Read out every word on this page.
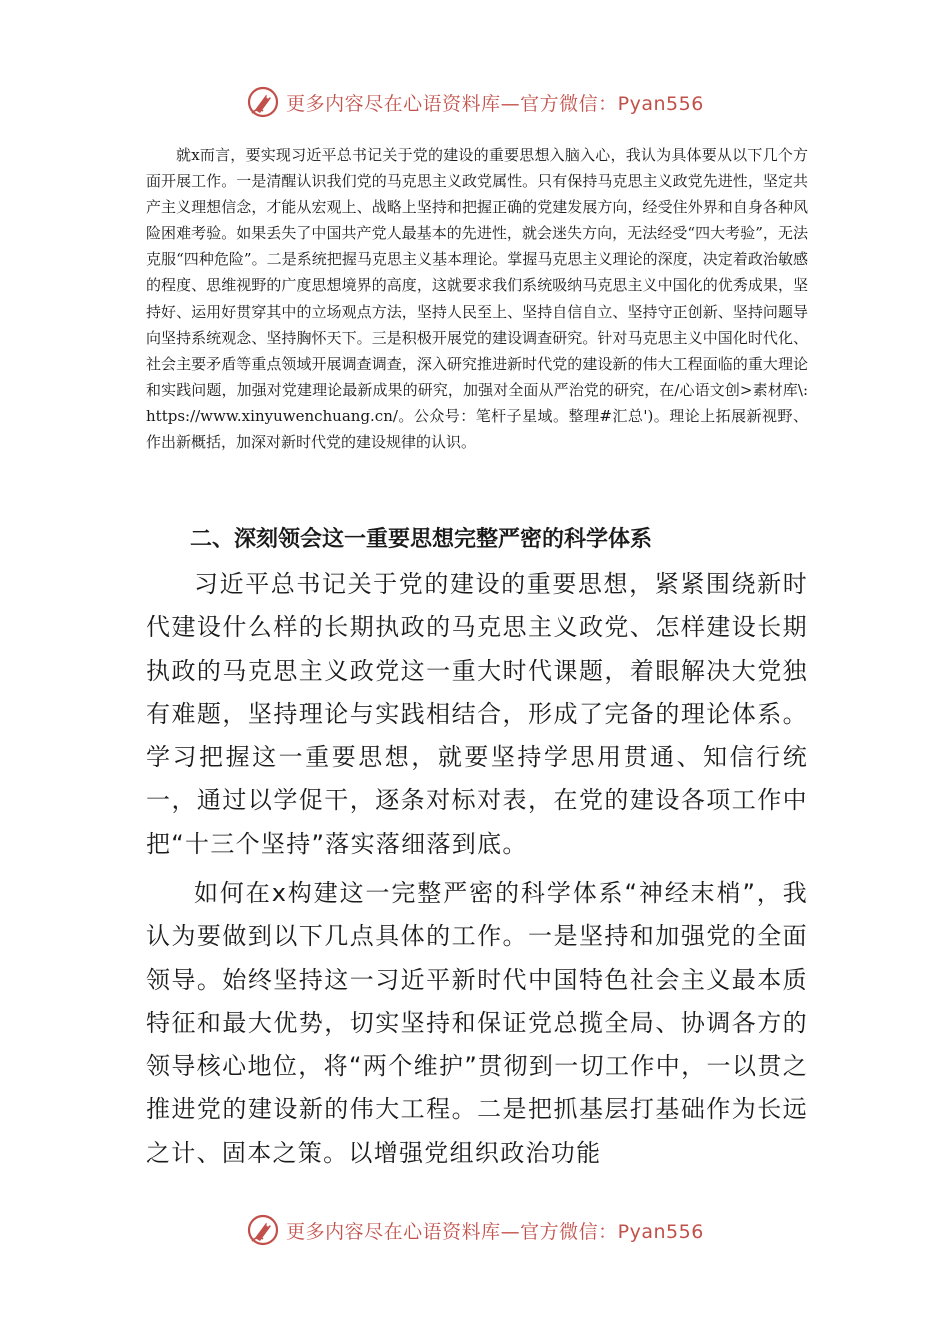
更多内容尽在心语资料库—官方微信：Pyan556

就x而言，要实现习近平总书记关于党的建设的重要思想入脑入心，我认为具体要从以下几个方面开展工作。一是清醒认识我们党的马克思主义政党属性。只有保持马克思主义政党先进性，坚定共产主义理想信念，才能从宏观上、战略上坚持和把握正确的党建发展方向，经受住外界和自身各种风险困难考验。如果丢失了中国共产党人最基本的先进性，就会迷失方向，无法经受“四大考验”，无法克服“四种危险”。二是系统把握马克思主义基本理论。掌握马克思主义理论的深度，决定着政治敏感的程度、思维视野的广度思想境界的高度，这就要求我们系统吸纳马克思主义中国化的优秀成果，坚持好、运用好贯穿其中的立场观点方法，坚持人民至上、坚持自信自立、坚持守正创新、坚持问题导向坚持系统观念、坚持胸怀天下。三是积极开展党的建设调查研究。针对马克思主义中国化时代化、社会主要矛盾等重点领域开展调查调查，深入研究推进新时代党的建设新的伟大工程面临的重大理论和实践问题，加强对党建理论最新成果的研究，加强对全面从严治党的研究，在/心语文创>素材库\: https://www.xinyuwenchuang.cn/。公众号：笔杆子星域。整理#汇总')。理论上拓展新视野、作出新概括，加深对新时代党的建设规律的认识。

二、深刻领会这一重要思想完整严密的科学体系

习近平总书记关于党的建设的重要思想，紧紧围绕新时代建设什么样的长期执政的马克思主义政党、怎样建设长期执政的马克思主义政党这一重大时代课题，着眼解决大党独有难题，坚持理论与实践相结合，形成了完备的理论体系。学习把握这一重要思想，就要坚持学思用贯通、知信行统一，通过以学促干，逐条对标对表，在党的建设各项工作中把“十三个坚持”落实落细落到底。

如何在x构建这一完整严密的科学体系“神经末梢”，我认为要做到以下几点具体的工作。一是坚持和加强党的全面领导。始终坚持这一习近平新时代中国特色社会主义最本质特征和最大优势，切实坚持和保证党总揽全局、协调各方的领导核心地位，将“两个维护”贯彻到一切工作中，一以贯之推进党的建设新的伟大工程。二是把抓基层打基础作为长远之计、固本之策。以增强党组织政治功能

更多内容尽在心语资料库—官方微信：Pyan556
